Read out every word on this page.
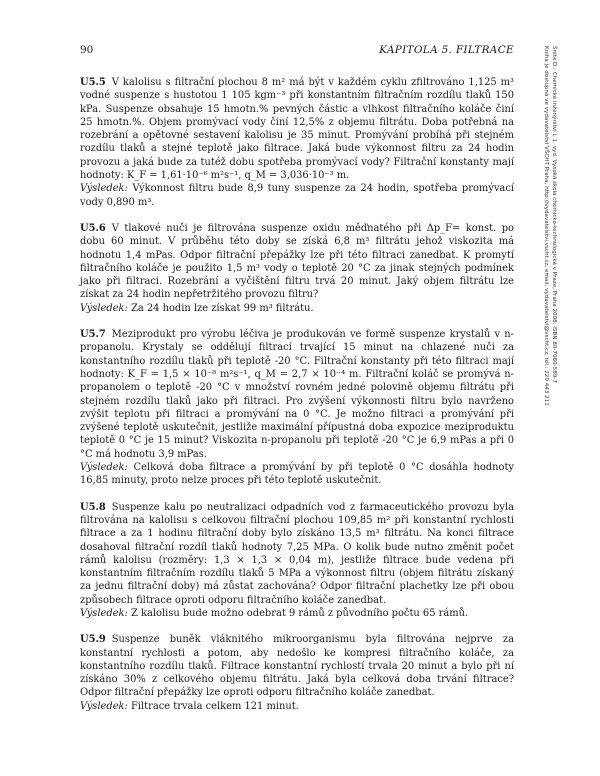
90	KAPITOLA 5. FILTRACE	Šnita D.: Chemické inženýrství I, 1. vyd. Vysoká škola chemicko-technologická v Praze, Praha 2008, ISBN 80-7080-589-7
Kniha je dostupná ve vydavatelství VŠCHT Praha, http://vydavatelstvi.vscht.cz, email: vydavatelstvi@vscht.cz, tel.: 220 443 211
U5.5 V kalolisu s filtrační plochou 8 m² má být v každém cyklu zfiltrováno 1,125 m³ vodné suspenze s hustotou 1 105 kgm⁻³ při konstantním filtračním rozdílu tlaků 150 kPa. Suspenze obsahuje 15 hmotn.% pevných částic a vlhkost filtračního koláče činí 25 hmotn.%. Objem promývací vody činí 12,5% z objemu filtrátu. Doba potřebná na rozebrání a opětovné sestavení kalolisu je 35 minut. Promývání probíhá při stejném rozdílu tlaků a stejné teplotě jako filtrace. Jaká bude výkonnost filtru za 24 hodin provozu a jaká bude za tutéž dobu spotřeba promývací vody? Filtrační konstanty mají hodnoty: K_F = 1,61·10⁻⁶ m²s⁻¹, q_M = 3,036·10⁻³ m.
Výsledek: Výkonnost filtru bude 8,9 tuny suspenze za 24 hodin, spotřeba promývací vody 0,890 m³.
U5.6 V tlakové nuči je filtrována suspenze oxidu měďnatého při Δp_F= konst. po dobu 60 minut. V průběhu této doby se získá 6,8 m³ filtrátu jehož viskozita má hodnotu 1,4 mPas. Odpor filtrační přepážky lze při této filtraci zanedbat. K promytí filtračního koláče je použito 1,5 m³ vody o teplotě 20 °C za jinak stejných podmínek jako při filtraci. Rozebrání a vyčištění filtru trvá 20 minut. Jaký objem filtrátu lze získat za 24 hodin nepřetržitého provozu filtru?
Výsledek: Za 24 hodin lze získat 99 m³ filtrátu.
U5.7 Meziprodukt pro výrobu léčiva je produkován ve formě suspenze krystalů v n-propanolu. Krystaly se oddělují filtrací trvající 15 minut na chlazené nuči za konstantního rozdílu tlaků při teplotě -20 °C. Filtrační konstanty při této filtraci mají hodnoty: K_F = 1,5 × 10⁻⁸ m²s⁻¹, q_M = 2,7 × 10⁻⁴ m. Filtrační koláč se promývá n-propanolem o teplotě -20 °C v množství rovném jedné polovině objemu filtrátu při stejném rozdílu tlaků jako při filtraci. Pro zvýšení výkonnosti filtru bylo navrženo zvýšit teplotu při filtraci a promývání na 0 °C. Je možno filtraci a promývání při zvýšené teplotě uskutečnit, jestliže maximální přípustná doba expozice meziproduktu teplotě 0 °C je 15 minut? Viskozita n-propanolu při teplotě -20 °C je 6,9 mPas a při 0 °C má hodnotu 3,9 mPas.
Výsledek: Celková doba filtrace a promývání by při teplotě 0 °C dosáhla hodnoty 16,85 minuty, proto nelze proces při této teplotě uskutečnit.
U5.8 Suspenze kalu po neutralizaci odpadních vod z farmaceutického provozu byla filtrována na kalolisu s celkovou filtrační plochou 109,85 m² při konstantní rychlosti filtrace a za 1 hodinu filtrační doby bylo získáno 13,5 m³ filtrátu. Na konci filtrace dosahoval filtrační rozdíl tlaků hodnoty 7,25 MPa. O kolik bude nutno změnit počet rámů kalolisu (rozměry: 1,3 × 1,3 × 0,04 m), jestliže filtrace bude vedena při konstantním filtračním rozdílu tlaků 5 MPa a výkonnost filtru (objem filtrátu získaný za jednu filtrační doby) má zůstat zachována? Odpor filtrační plachetky lze při obou způsobech filtrace oproti odporu filtračního koláče zanedbat.
Výsledek: Z kalolisu bude možno odebrat 9 rámů z původního počtu 65 rámů.
U5.9 Suspenze buněk vláknitého mikroorganismu byla filtrována nejprve za konstantní rychlosti a potom, aby nedošlo ke kompresi filtračního koláče, za konstantního rozdílu tlaků. Filtrace konstantní rychlostí trvala 20 minut a bylo při ní získáno 30% z celkového objemu filtrátu. Jaká byla celková doba trvání filtrace? Odpor filtrační přepážky lze oproti odporu filtračního koláče zanedbat.
Výsledek: Filtrace trvala celkem 121 minut.
